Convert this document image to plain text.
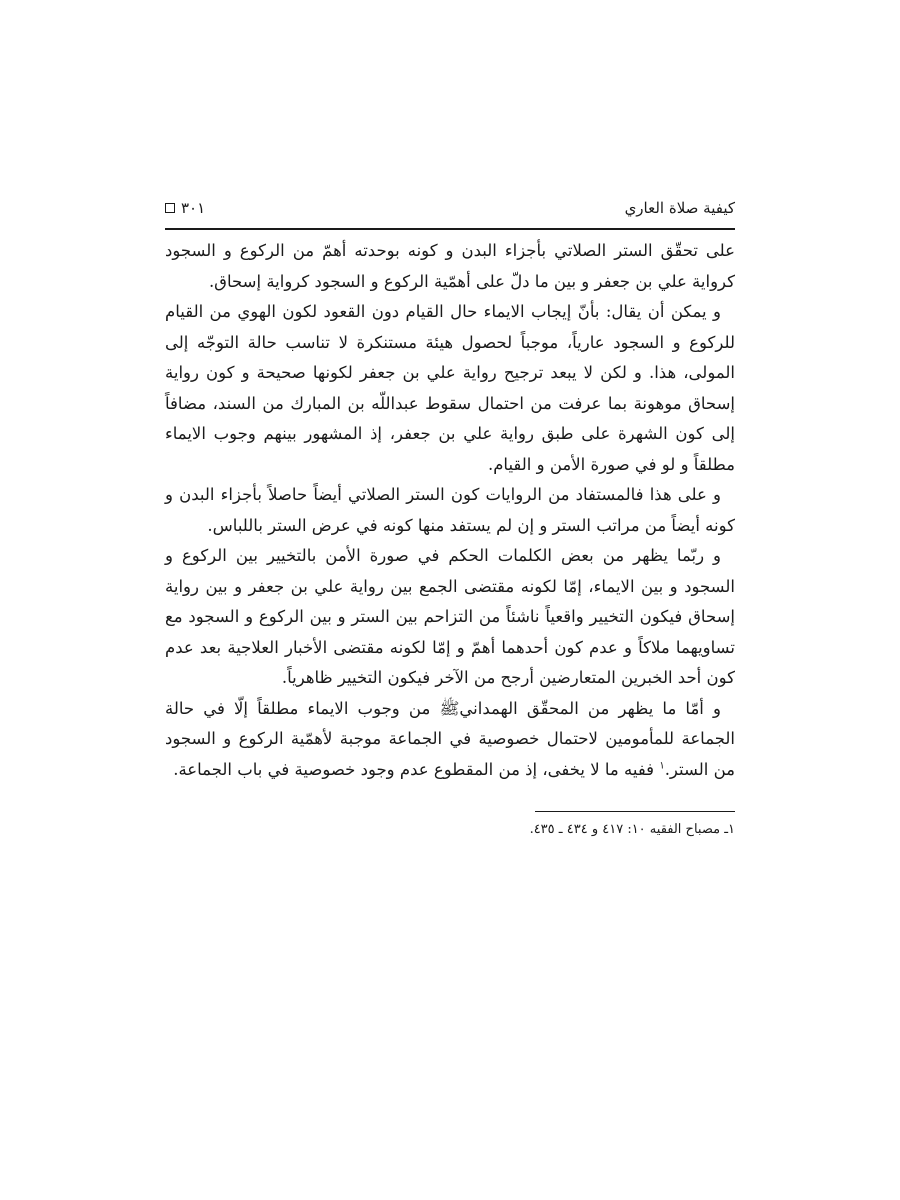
كيفية صلاة العاري
٣٠١

على تحقّق الستر الصلاتي بأجزاء البدن و كونه بوحدته أهمّ من الركوع و السجود كرواية علي بن جعفر و بين ما دلّ على أهمّية الركوع و السجود كرواية إسحاق.

و يمكن أن يقال: بأنّ إيجاب الايماء حال القيام دون القعود لكون الهوي من القيام للركوع و السجود عارياً، موجباً لحصول هيئة مستنكرة لا تناسب حالة التوجّه إلى المولى، هذا. و لكن لا يبعد ترجيح رواية علي بن جعفر لكونها صحيحة و كون رواية إسحاق موهونة بما عرفت من احتمال سقوط عبداللّه بن المبارك من السند، مضافاً إلى كون الشهرة على طبق رواية علي بن جعفر، إذ المشهور بينهم وجوب الايماء مطلقاً و لو في صورة الأمن و القيام.

و على هذا فالمستفاد من الروايات كون الستر الصلاتي أيضاً حاصلاً بأجزاء البدن و كونه أيضاً من مراتب الستر و إن لم يستفد منها كونه في عرض الستر باللباس.

و ربّما يظهر من بعض الكلمات الحكم في صورة الأمن بالتخيير بين الركوع و السجود و بين الايماء، إمّا لكونه مقتضى الجمع بين رواية علي بن جعفر و بين رواية إسحاق فيكون التخيير واقعياً ناشئاً من التزاحم بين الستر و بين الركوع و السجود مع تساويهما ملاكاً و عدم كون أحدهما أهمّ و إمّا لكونه مقتضى الأخبار العلاجية بعد عدم كون أحد الخبرين المتعارضين أرجح من الآخر فيكون التخيير ظاهرياً.

و أمّا ما يظهر من المحقّق الهمدانيﷺ من وجوب الايماء مطلقاً إلّا في حالة الجماعة للمأمومين لاحتمال خصوصية في الجماعة موجبة لأهمّية الركوع و السجود من الستر.$^١$ ففيه ما لا يخفى، إذ من المقطوع عدم وجود خصوصية في باب الجماعة.

١ـ مصباح الفقيه ١٠: ٤١٧ و ٤٣٤ ـ ٤٣٥.
